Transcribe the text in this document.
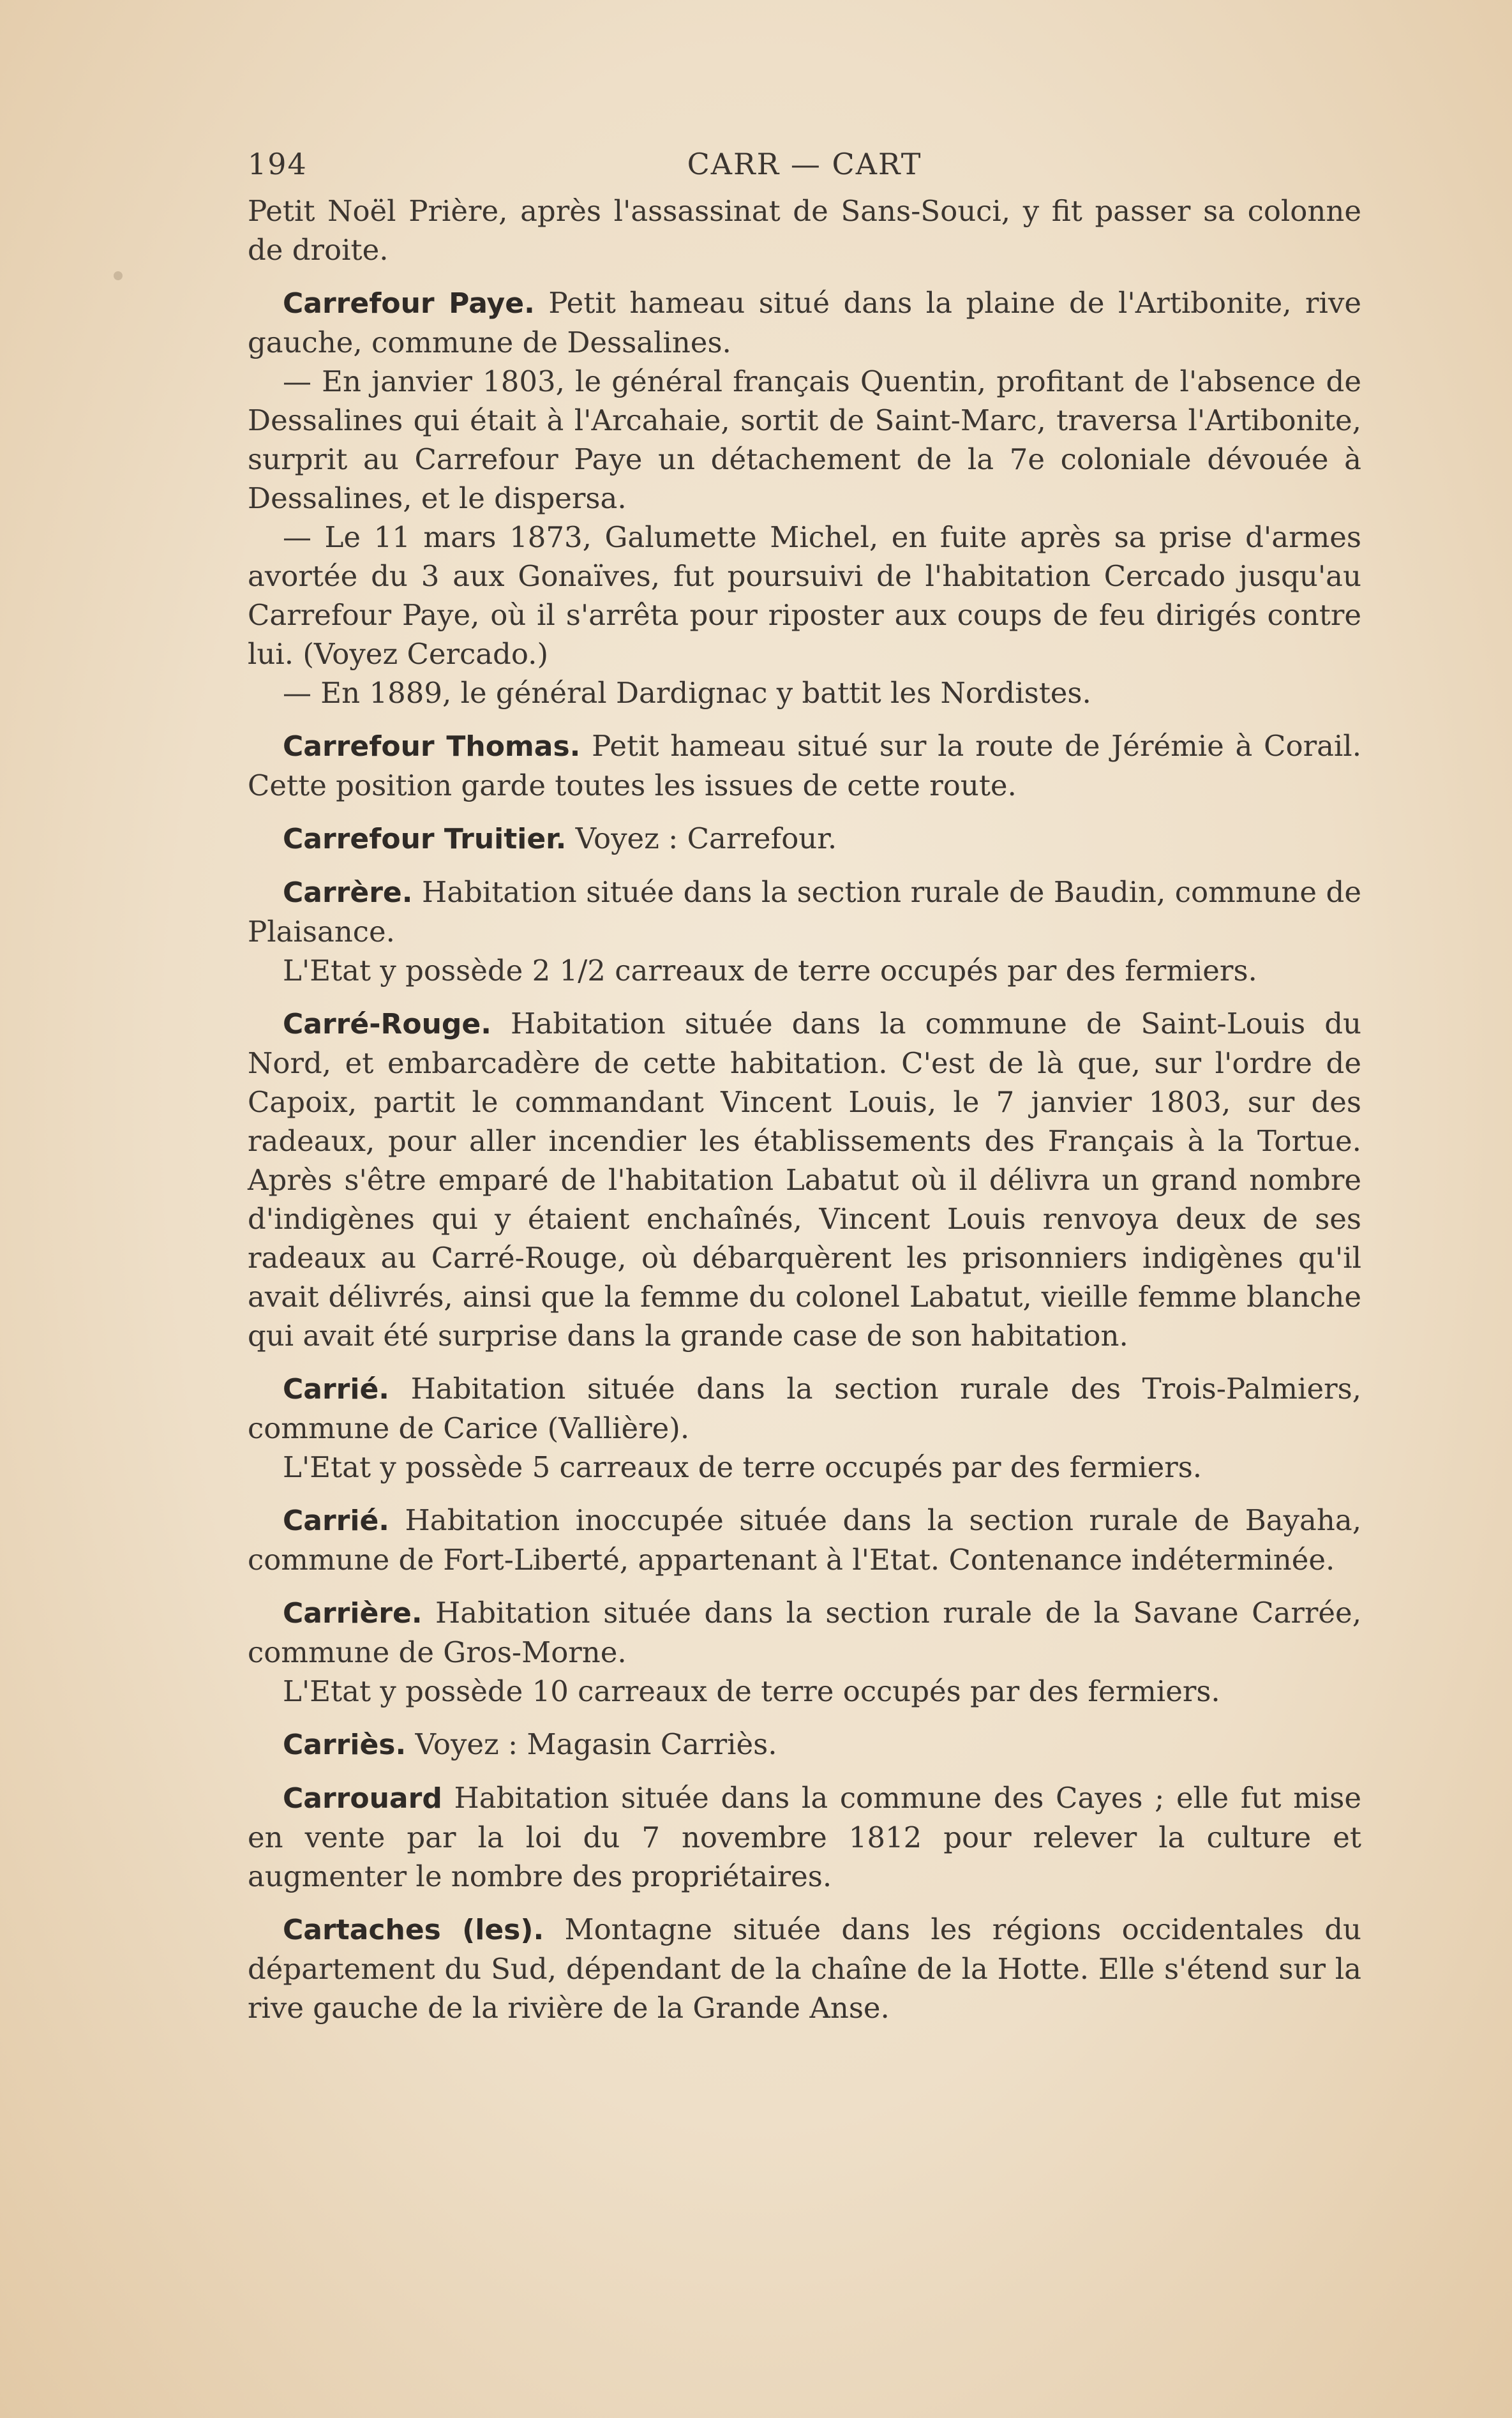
194	CARR — CART

Petit Noël Prière, après l'assassinat de Sans-Souci, y fit passer sa colonne de droite.

Carrefour Paye. Petit hameau situé dans la plaine de l'Artibonite, rive gauche, commune de Dessalines.

— En janvier 1803, le général français Quentin, profitant de l'absence de Dessalines qui était à l'Arcahaie, sortit de Saint-Marc, traversa l'Artibonite, surprit au Carrefour Paye un détachement de la 7e coloniale dévouée à Dessalines, et le dispersa.

— Le 11 mars 1873, Galumette Michel, en fuite après sa prise d'armes avortée du 3 aux Gonaïves, fut poursuivi de l'habitation Cercado jusqu'au Carrefour Paye, où il s'arrêta pour riposter aux coups de feu dirigés contre lui. (Voyez Cercado.)

— En 1889, le général Dardignac y battit les Nordistes.

Carrefour Thomas. Petit hameau situé sur la route de Jérémie à Corail. Cette position garde toutes les issues de cette route.

Carrefour Truitier. Voyez : Carrefour.

Carrère. Habitation située dans la section rurale de Baudin, commune de Plaisance.

L'Etat y possède 2 1/2 carreaux de terre occupés par des fermiers.

Carré-Rouge. Habitation située dans la commune de Saint-Louis du Nord, et embarcadère de cette habitation. C'est de là que, sur l'ordre de Capoix, partit le commandant Vincent Louis, le 7 janvier 1803, sur des radeaux, pour aller incendier les établissements des Français à la Tortue. Après s'être emparé de l'habitation Labatut où il délivra un grand nombre d'indigènes qui y étaient enchaînés, Vincent Louis renvoya deux de ses radeaux au Carré-Rouge, où débarquèrent les prisonniers indigènes qu'il avait délivrés, ainsi que la femme du colonel Labatut, vieille femme blanche qui avait été surprise dans la grande case de son habitation.

Carrié. Habitation située dans la section rurale des Trois-Palmiers, commune de Carice (Vallière).

L'Etat y possède 5 carreaux de terre occupés par des fermiers.

Carrié. Habitation inoccupée située dans la section rurale de Bayaha, commune de Fort-Liberté, appartenant à l'Etat. Contenance indéterminée.

Carrière. Habitation située dans la section rurale de la Savane Carrée, commune de Gros-Morne.

L'Etat y possède 10 carreaux de terre occupés par des fermiers.

Carriès. Voyez : Magasin Carriès.

Carrouard Habitation située dans la commune des Cayes ; elle fut mise en vente par la loi du 7 novembre 1812 pour relever la culture et augmenter le nombre des propriétaires.

Cartaches (les). Montagne située dans les régions occidentales du département du Sud, dépendant de la chaîne de la Hotte. Elle s'étend sur la rive gauche de la rivière de la Grande Anse.
